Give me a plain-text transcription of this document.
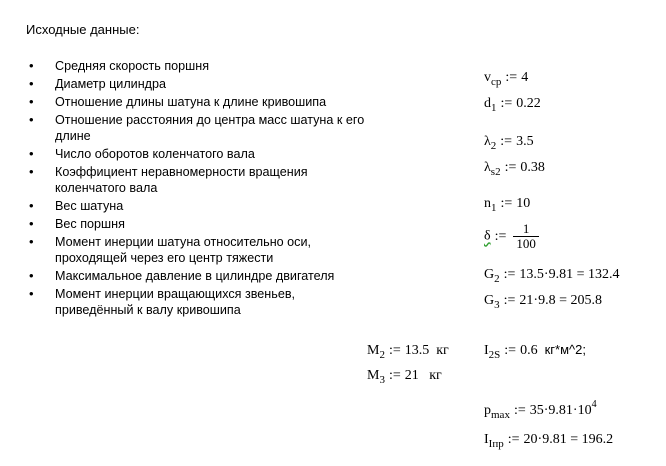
Исходные данные:
• Средняя скорость поршня
• Диаметр цилиндра
• Отношение длины шатуна к длине кривошипа
• Отношение расстояния до центра масс шатуна к его длине
• Число оборотов коленчатого вала
• Коэффициент неравномерности вращения коленчатого вала
• Вес шатуна
• Вес поршня
• Момент инерции шатуна относительно оси, проходящей через его центр тяжести
• Максимальное давление в цилиндре двигателя
• Момент инерции вращающихся звеньев, приведённый к валу кривошипа
$v_{cp}$ := 4
$d_1$ := 0.22
$\lambda_2$ := 3.5
$\lambda_{s2}$ := 0.38
$n_1$ := 10
δ := $\frac{1}{100}$
$G_2$ := 13.5·9.81 = 132.4
$G_3$ := 21·9.8 = 205.8
$M_2$ := 13.5 кг
$M_3$ := 21 кг
$I_{2S}$ := 0.6 кг*м^2;
$p_{max}$ := $35\cdot 9.81\cdot 10^4$
$I_{Iпр}$ := 20·9.81 = 196.2
